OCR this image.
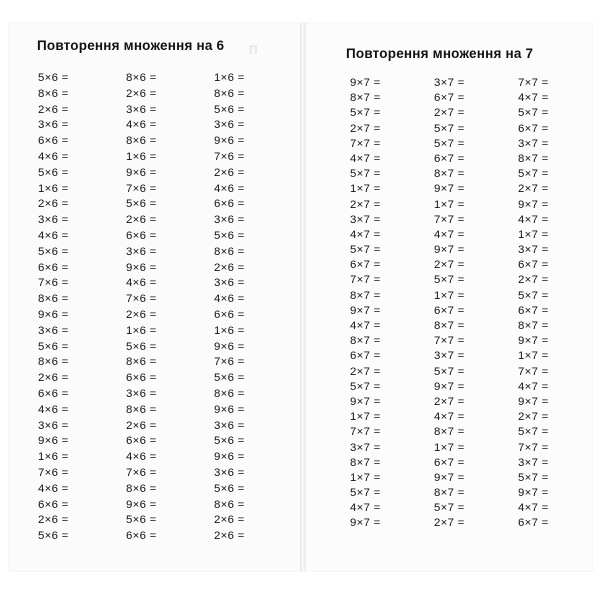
П
Повторення множення на 6
5×6 =
8×6 =
2×6 =
3×6 =
6×6 =
4×6 =
5×6 =
1×6 =
2×6 =
3×6 =
4×6 =
5×6 =
6×6 =
7×6 =
8×6 =
9×6 =
3×6 =
5×6 =
8×6 =
2×6 =
6×6 =
4×6 =
3×6 =
9×6 =
1×6 =
7×6 =
4×6 =
6×6 =
2×6 =
5×6 =
8×6 =
2×6 =
3×6 =
4×6 =
8×6 =
1×6 =
9×6 =
7×6 =
5×6 =
2×6 =
6×6 =
3×6 =
9×6 =
4×6 =
7×6 =
2×6 =
1×6 =
5×6 =
8×6 =
6×6 =
3×6 =
8×6 =
2×6 =
6×6 =
4×6 =
7×6 =
8×6 =
9×6 =
5×6 =
6×6 =
1×6 =
8×6 =
5×6 =
3×6 =
9×6 =
7×6 =
2×6 =
4×6 =
6×6 =
3×6 =
5×6 =
8×6 =
2×6 =
3×6 =
4×6 =
6×6 =
1×6 =
9×6 =
7×6 =
5×6 =
8×6 =
9×6 =
3×6 =
5×6 =
9×6 =
3×6 =
5×6 =
8×6 =
2×6 =
2×6 =
Повторення множення на 7
9×7 =
8×7 =
5×7 =
2×7 =
7×7 =
4×7 =
5×7 =
1×7 =
2×7 =
3×7 =
4×7 =
5×7 =
6×7 =
7×7 =
8×7 =
9×7 =
4×7 =
8×7 =
6×7 =
2×7 =
5×7 =
9×7 =
1×7 =
7×7 =
3×7 =
8×7 =
1×7 =
5×7 =
4×7 =
9×7 =
3×7 =
6×7 =
2×7 =
5×7 =
5×7 =
6×7 =
8×7 =
9×7 =
1×7 =
7×7 =
4×7 =
9×7 =
2×7 =
5×7 =
1×7 =
6×7 =
8×7 =
7×7 =
3×7 =
5×7 =
9×7 =
2×7 =
4×7 =
8×7 =
1×7 =
6×7 =
9×7 =
8×7 =
5×7 =
2×7 =
7×7 =
4×7 =
5×7 =
6×7 =
3×7 =
8×7 =
5×7 =
2×7 =
9×7 =
4×7 =
1×7 =
3×7 =
6×7 =
2×7 =
5×7 =
6×7 =
8×7 =
9×7 =
1×7 =
7×7 =
4×7 =
9×7 =
2×7 =
5×7 =
7×7 =
3×7 =
5×7 =
9×7 =
4×7 =
6×7 =
